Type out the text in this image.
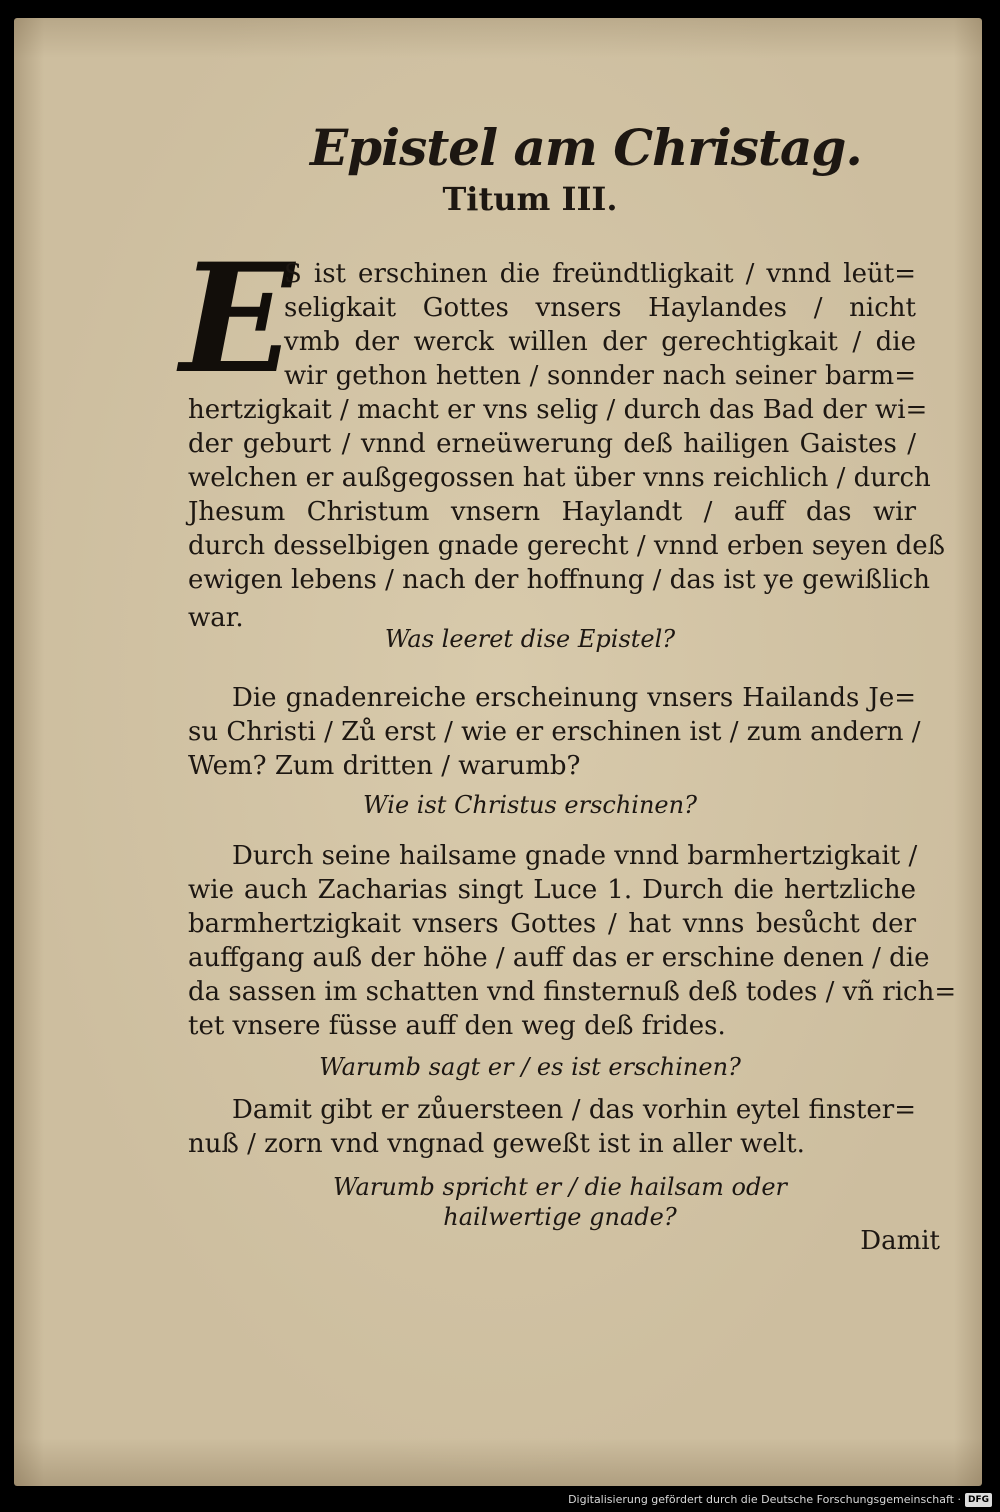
Epistel am Christag.
Titum III.
E
S ist erschinen die freündtligkait / vnnd leüt=
seligkait Gottes vnsers Haylandes / nicht
vmb der werck willen der gerechtigkait / die
wir gethon hetten / sonnder nach seiner barm=
hertzigkait / macht er vns selig / durch das Bad der wi=
der geburt / vnnd erneüwerung deß hailigen Gaistes /
welchen er außgegossen hat über vnns reichlich / durch
Jhesum Christum vnsern Haylandt / auff das wir
durch desselbigen gnade gerecht / vnnd erben seyen deß
ewigen lebens / nach der hoffnung / das ist ye gewißlich
war.
Was leeret dise Epistel?
Die gnadenreiche erscheinung vnsers Hailands Je=
su Christi / Zů erst / wie er erschinen ist / zum andern /
Wem? Zum dritten / warumb?
Wie ist Christus erschinen?
Durch seine hailsame gnade vnnd barmhertzigkait /
wie auch Zacharias singt Luce 1. Durch die hertzliche
barmhertzigkait vnsers Gottes / hat vnns besůcht der
auffgang auß der höhe / auff das er erschine denen / die
da sassen im schatten vnd finsternuß deß todes / vñ rich=
tet vnsere füsse auff den weg deß frides.
Warumb sagt er / es ist erschinen?
Damit gibt er zůuersteen / das vorhin eytel finster=
nuß / zorn vnd vngnad geweßt ist in aller welt.
Warumb spricht er / die hailsam oder
hailwertige gnade?
Damit
Digitalisierung gefördert durch die Deutsche Forschungsgemeinschaft · DFG
